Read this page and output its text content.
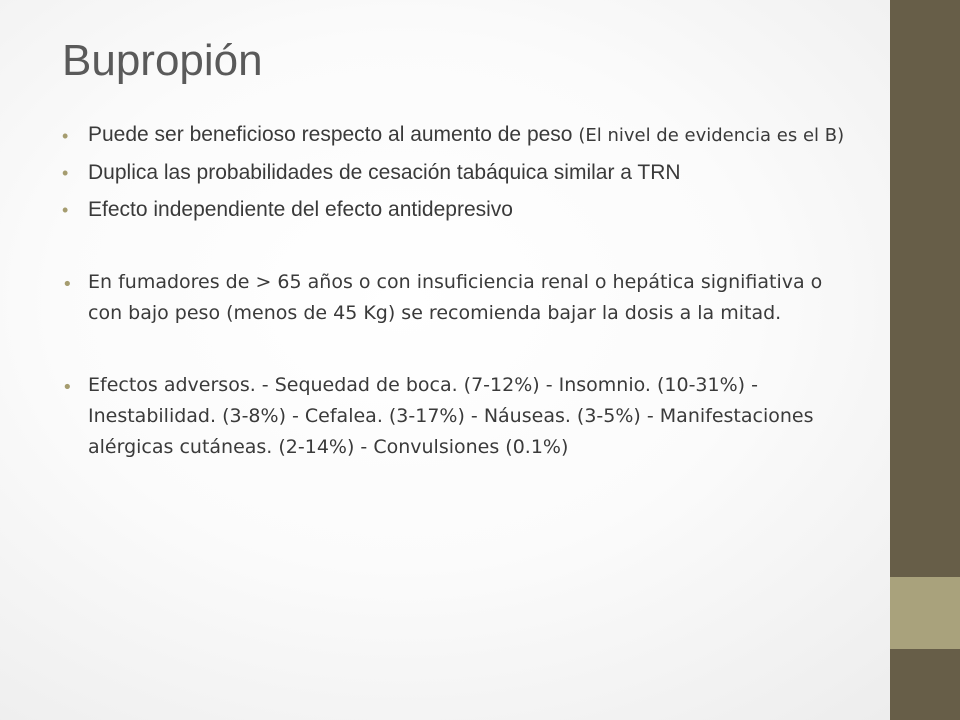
Bupropión
• Puede ser beneficioso respecto al aumento de peso (El nivel de evidencia es el B)
• Duplica las probabilidades de cesación tabáquica similar a TRN
• Efecto independiente del efecto antidepresivo
• En fumadores de > 65 años o con insuficiencia renal o hepática signifiativa o con bajo peso (menos de 45 Kg) se recomienda bajar la dosis a la mitad.
• Efectos adversos. - Sequedad de boca. (7-12%) - Insomnio. (10-31%) - Inestabilidad. (3-8%) - Cefalea. (3-17%) - Náuseas. (3-5%) - Manifestaciones alérgicas cutáneas. (2-14%) - Convulsiones (0.1%)
